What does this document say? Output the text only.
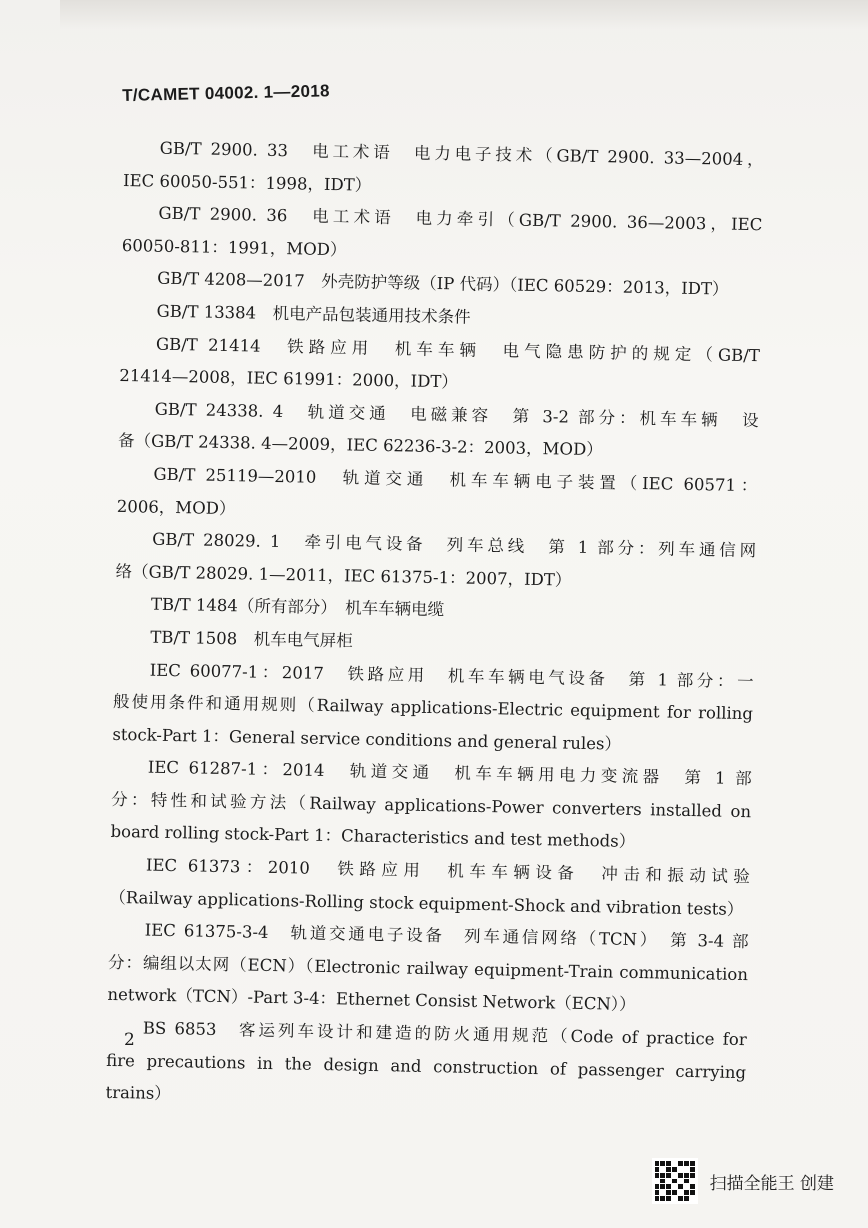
T/CAMET 04002. 1—2018
GB/T 2900. 33　电工术语　电力电子技术（GB/T 2900. 33—2004，
IEC 60050-551：1998，IDT）
GB/T 2900. 36　电工术语　电力牵引（GB/T 2900. 36—2003，IEC
60050-811：1991，MOD）
GB/T 4208—2017　外壳防护等级（IP 代码）（IEC 60529：2013，IDT）
GB/T 13384　机电产品包装通用技术条件
GB/T 21414　铁路应用　机车车辆　电气隐患防护的规定（GB/T
21414—2008，IEC 61991：2000，IDT）
GB/T 24338. 4　轨道交通　电磁兼容　第 3-2 部分：机车车辆　设
备（GB/T 24338. 4—2009，IEC 62236-3-2：2003，MOD）
GB/T 25119—2010　轨道交通　机车车辆电子装置（IEC 60571：
2006，MOD）
GB/T 28029. 1　牵引电气设备　列车总线　第 1 部分：列车通信网
络（GB/T 28029. 1—2011，IEC 61375-1：2007，IDT）
TB/T 1484（所有部分）　机车车辆电缆
TB/T 1508　机车电气屏柜
IEC 60077-1：2017　铁路应用　机车车辆电气设备　第 1 部分：一
般使用条件和通用规则（Railway applications-Electric equipment for rolling stock-Part 1：General service conditions and general rules）
IEC 61287-1：2014　轨道交通　机车车辆用电力变流器　第 1 部
分：特性和试验方法（Railway applications-Power converters installed on board rolling stock-Part 1：Characteristics and test methods）
IEC 61373：2010　铁路应用　机车车辆设备　冲击和振动试验
（Railway applications-Rolling stock equipment-Shock and vibration tests）
IEC 61375-3-4　轨道交通电子设备　列车通信网络（TCN）　第 3-4 部
分：编组以太网（ECN）（Electronic railway equipment-Train communication network（TCN）-Part 3-4：Ethernet Consist Network（ECN））
BS 6853　客运列车设计和建造的防火通用规范（Code of practice for
fire precautions in the design and construction of passenger carrying trains）
2
扫描全能王 创建
